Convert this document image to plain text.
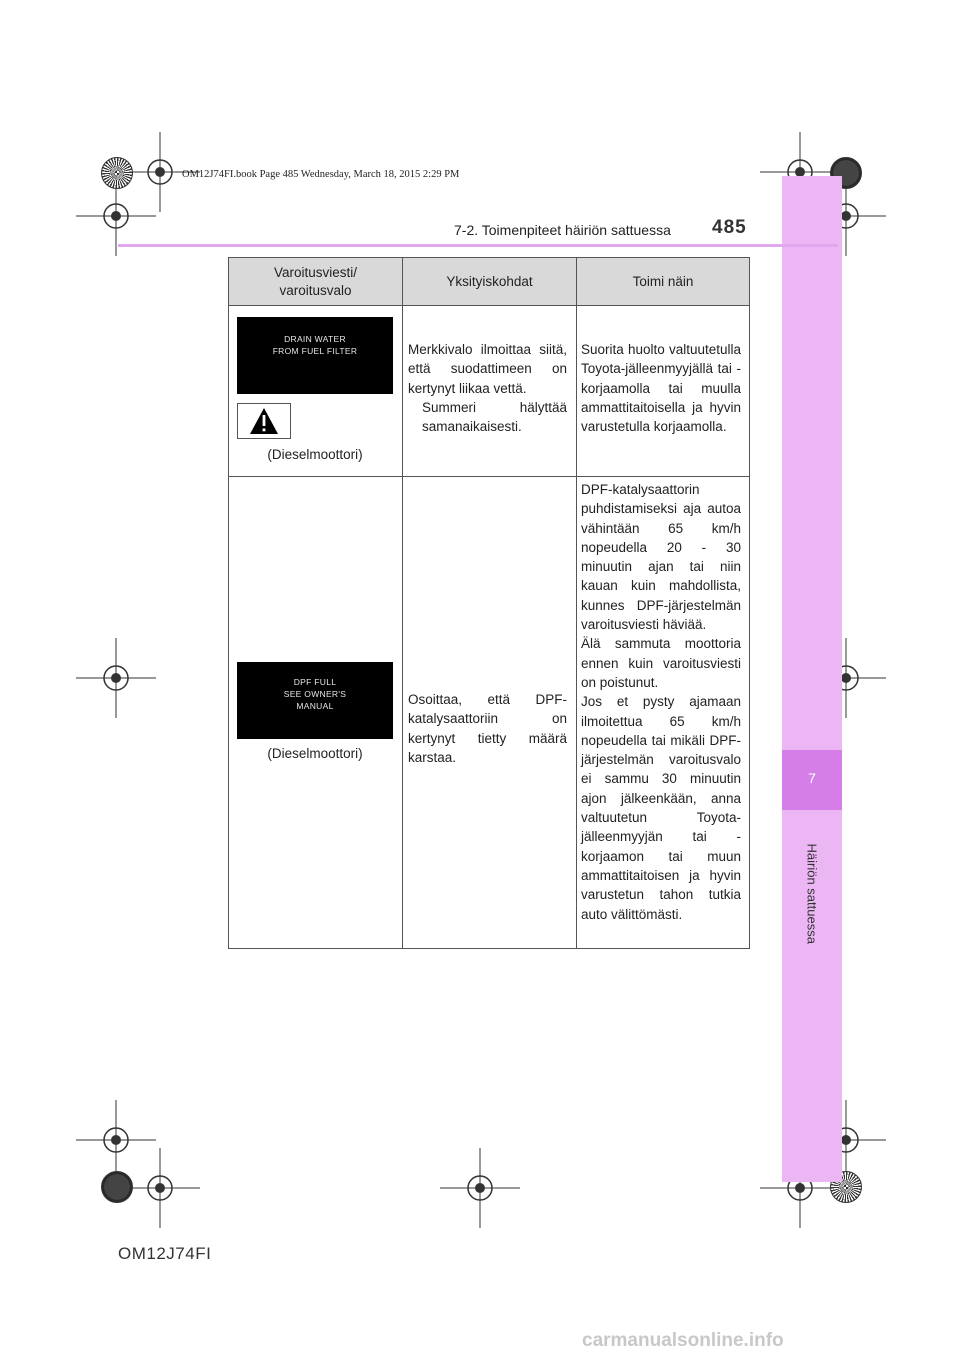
OM12J74FI.book Page 485 Wednesday, March 18, 2015 2:29 PM
7
Häiriön sattuessa
7-2. Toimenpiteet häiriön sattuessa 485
Varoitusviesti/ varoitusvalo
Yksityiskohdat	Toimi näin
DRAIN WATER
FROM FUEL FILTER
(Dieselmoottori)

Merkkivalo ilmoittaa siitä, että suodattimeen on kertynyt liikaa vettä.

Summeri hälyttää samanaikaisesti.

Suorita huolto valtuutetulla Toyota-jälleenmyyjällä tai -korjaamolla tai muulla ammattitaitoisella ja hyvin varustetulla korjaamolla.
DPF FULL
SEE OWNER'S
MANUAL
(Dieselmoottori)
Osoittaa, että DPF-katalysaattoriin on kertynyt tietty määrä karstaa.

DPF-katalysaattorin puhdistamiseksi aja autoa vähintään 65 km/h nopeudella 20 - 30 minuutin ajan tai niin kauan kuin mahdollista, kunnes DPF-järjestelmän varoitusviesti häviää.

Älä sammuta moottoria ennen kuin varoitusviesti on poistunut.

Jos et pysty ajamaan ilmoitettua 65 km/h nopeudella tai mikäli DPF-järjestelmän varoitusvalo ei sammu 30 minuutin ajon jälkeenkään, anna valtuutetun Toyota-jälleenmyyjän tai -korjaamon tai muun ammattitaitoisen ja hyvin varustetun tahon tutkia auto välittömästi.

OM12J74FI
carmanualsonline.info
